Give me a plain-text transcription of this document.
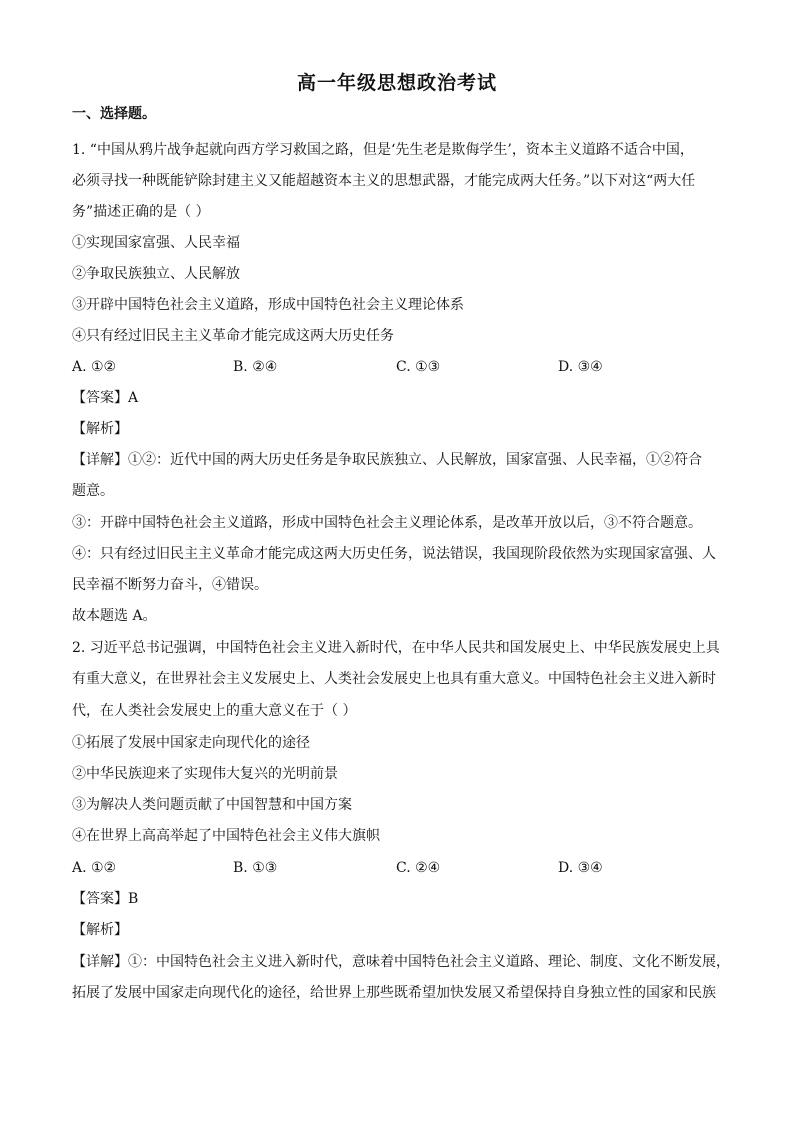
高一年级思想政治考试
一、选择题。
1. “中国从鸦片战争起就向西方学习救国之路，但是‘先生老是欺侮学生’，资本主义道路不适合中国，
必须寻找一种既能铲除封建主义又能超越资本主义的思想武器，才能完成两大任务。”以下对这“两大任
务”描述正确的是（ ）
①实现国家富强、人民幸福
②争取民族独立、人民解放
③开辟中国特色社会主义道路，形成中国特色社会主义理论体系
④只有经过旧民主主义革命才能完成这两大历史任务
A. ①②	B. ②④	C. ①③	D. ③④
【答案】A
【解析】
【详解】①②：近代中国的两大历史任务是争取民族独立、人民解放，国家富强、人民幸福，①②符合
题意。
③：开辟中国特色社会主义道路，形成中国特色社会主义理论体系，是改革开放以后，③不符合题意。
④：只有经过旧民主主义革命才能完成这两大历史任务，说法错误，我国现阶段依然为实现国家富强、人
民幸福不断努力奋斗，④错误。
故本题选 A。
2. 习近平总书记强调，中国特色社会主义进入新时代，在中华人民共和国发展史上、中华民族发展史上具
有重大意义，在世界社会主义发展史上、人类社会发展史上也具有重大意义。中国特色社会主义进入新时
代，在人类社会发展史上的重大意义在于（ ）
①拓展了发展中国家走向现代化的途径
②中华民族迎来了实现伟大复兴的光明前景
③为解决人类问题贡献了中国智慧和中国方案
④在世界上高高举起了中国特色社会主义伟大旗帜
A. ①②	B. ①③	C. ②④	D. ③④
【答案】B
【解析】
【详解】①：中国特色社会主义进入新时代，意味着中国特色社会主义道路、理论、制度、文化不断发展，
拓展了发展中国家走向现代化的途径，给世界上那些既希望加快发展又希望保持自身独立性的国家和民族
